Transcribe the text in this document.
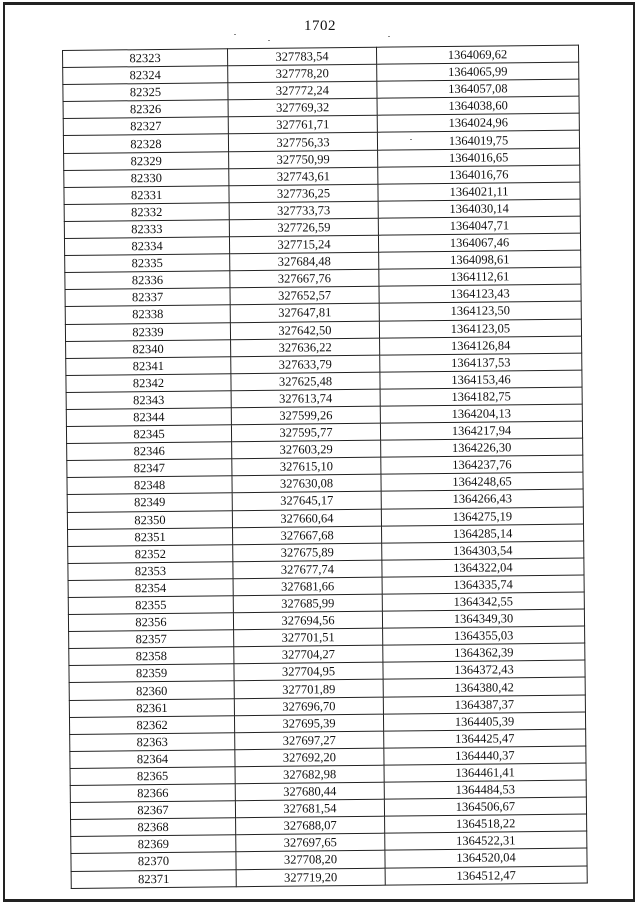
1702
82323	327783,54	1364069,62
82324	327778,20	1364065,99
82325	327772,24	1364057,08
82326	327769,32	1364038,60
82327	327761,71	1364024,96
82328	327756,33	1364019,75
82329	327750,99	1364016,65
82330	327743,61	1364016,76
82331	327736,25	1364021,11
82332	327733,73	1364030,14
82333	327726,59	1364047,71
82334	327715,24	1364067,46
82335	327684,48	1364098,61
82336	327667,76	1364112,61
82337	327652,57	1364123,43
82338	327647,81	1364123,50
82339	327642,50	1364123,05
82340	327636,22	1364126,84
82341	327633,79	1364137,53
82342	327625,48	1364153,46
82343	327613,74	1364182,75
82344	327599,26	1364204,13
82345	327595,77	1364217,94
82346	327603,29	1364226,30
82347	327615,10	1364237,76
82348	327630,08	1364248,65
82349	327645,17	1364266,43
82350	327660,64	1364275,19
82351	327667,68	1364285,14
82352	327675,89	1364303,54
82353	327677,74	1364322,04
82354	327681,66	1364335,74
82355	327685,99	1364342,55
82356	327694,56	1364349,30
82357	327701,51	1364355,03
82358	327704,27	1364362,39
82359	327704,95	1364372,43
82360	327701,89	1364380,42
82361	327696,70	1364387,37
82362	327695,39	1364405,39
82363	327697,27	1364425,47
82364	327692,20	1364440,37
82365	327682,98	1364461,41
82366	327680,44	1364484,53
82367	327681,54	1364506,67
82368	327688,07	1364518,22
82369	327697,65	1364522,31
82370	327708,20	1364520,04
82371	327719,20	1364512,47
